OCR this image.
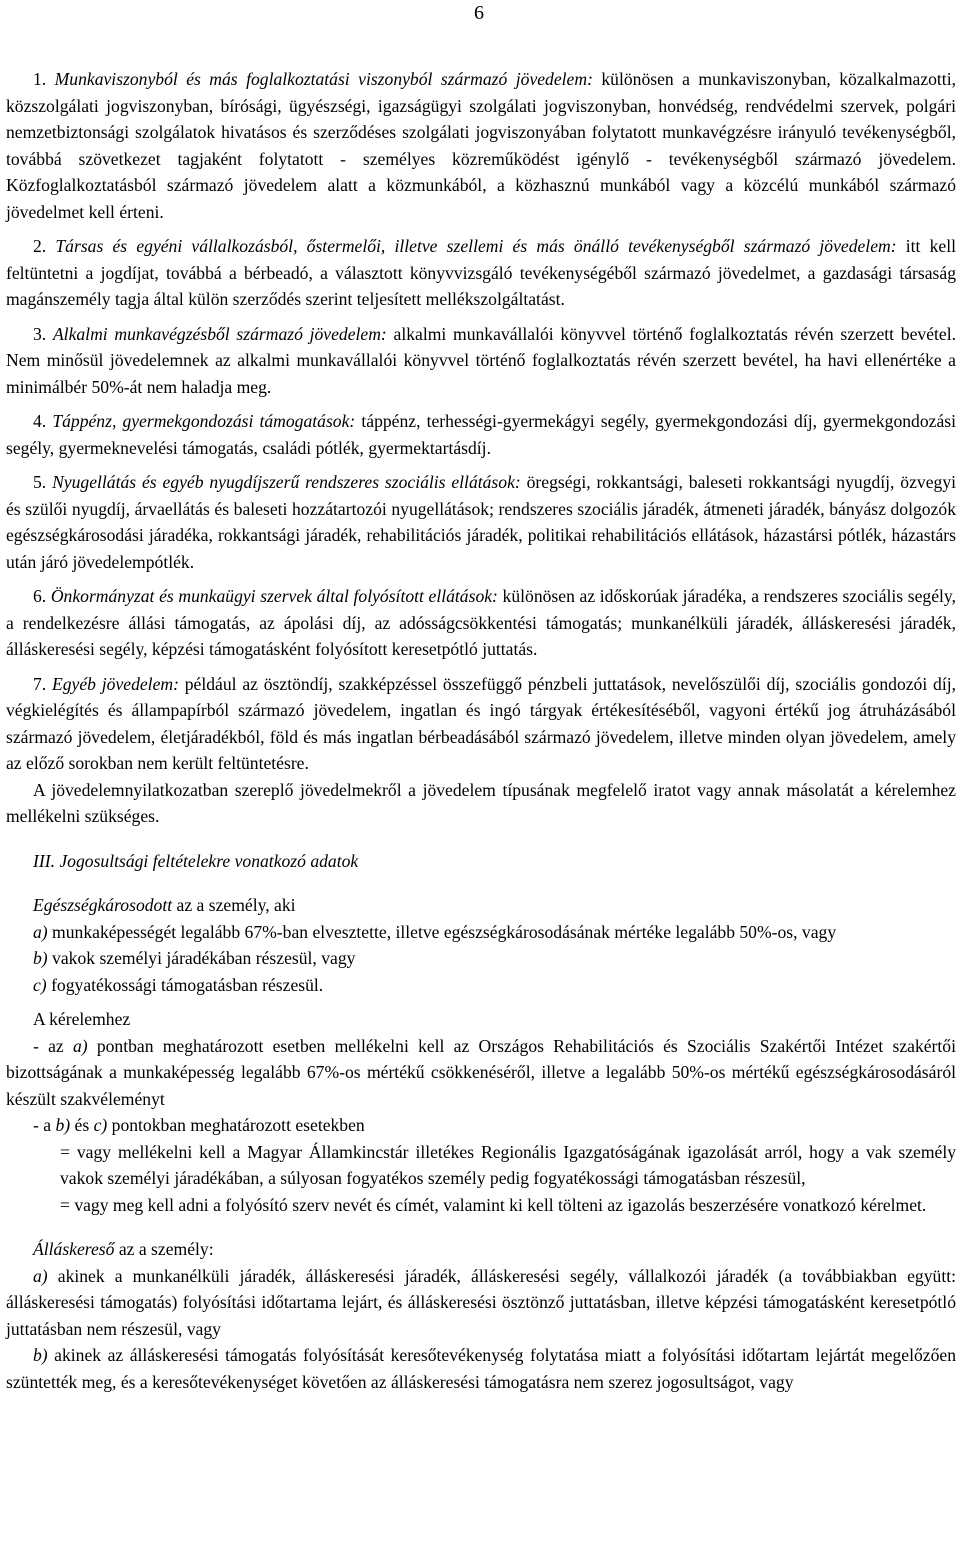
6

1. Munkaviszonyból és más foglalkoztatási viszonyból származó jövedelem: különösen a munkaviszonyban, közalkalmazotti, közszolgálati jogviszonyban, bírósági, ügyészségi, igazságügyi szolgálati jogviszonyban, honvédség, rendvédelmi szervek, polgári nemzetbiztonsági szolgálatok hivatásos és szerződéses szolgálati jogviszonyában folytatott munkavégzésre irányuló tevékenységből, továbbá szövetkezet tagjaként folytatott - személyes közreműködést igénylő - tevékenységből származó jövedelem. Közfoglalkoztatásból származó jövedelem alatt a közmunkából, a közhasznú munkából vagy a közcélú munkából származó jövedelmet kell érteni.

2. Társas és egyéni vállalkozásból, őstermelői, illetve szellemi és más önálló tevékenységből származó jövedelem: itt kell feltüntetni a jogdíjat, továbbá a bérbeadó, a választott könyvvizsgáló tevékenységéből származó jövedelmet, a gazdasági társaság magánszemély tagja által külön szerződés szerint teljesített mellékszolgáltatást.

3. Alkalmi munkavégzésből származó jövedelem: alkalmi munkavállalói könyvvel történő foglalkoztatás révén szerzett bevétel. Nem minősül jövedelemnek az alkalmi munkavállalói könyvvel történő foglalkoztatás révén szerzett bevétel, ha havi ellenértéke a minimálbér 50%-át nem haladja meg.

4. Táppénz, gyermekgondozási támogatások: táppénz, terhességi-gyermekágyi segély, gyermekgondozási díj, gyermekgondozási segély, gyermeknevelési támogatás, családi pótlék, gyermektartásdíj.

5. Nyugellátás és egyéb nyugdíjszerű rendszeres szociális ellátások: öregségi, rokkantsági, baleseti rokkantsági nyugdíj, özvegyi és szülői nyugdíj, árvaellátás és baleseti hozzátartozói nyugellátások; rendszeres szociális járadék, átmeneti járadék, bányász dolgozók egészségkárosodási járadéka, rokkantsági járadék, rehabilitációs járadék, politikai rehabilitációs ellátások, házastársi pótlék, házastárs után járó jövedelempótlék.

6. Önkormányzat és munkaügyi szervek által folyósított ellátások: különösen az időskorúak járadéka, a rendszeres szociális segély, a rendelkezésre állási támogatás, az ápolási díj, az adósságcsökkentési támogatás; munkanélküli járadék, álláskeresési járadék, álláskeresési segély, képzési támogatásként folyósított keresetpótló juttatás.

7. Egyéb jövedelem: például az ösztöndíj, szakképzéssel összefüggő pénzbeli juttatások, nevelőszülői díj, szociális gondozói díj, végkielégítés és állampapírból származó jövedelem, ingatlan és ingó tárgyak értékesítéséből, vagyoni értékű jog átruházásából származó jövedelem, életjáradékból, föld és más ingatlan bérbeadásából származó jövedelem, illetve minden olyan jövedelem, amely az előző sorokban nem került feltüntetésre.

A jövedelemnyilatkozatban szereplő jövedelmekről a jövedelem típusának megfelelő iratot vagy annak másolatát a kérelemhez mellékelni szükséges.

III. Jogosultsági feltételekre vonatkozó adatok

Egészségkárosodott az a személy, aki

a) munkaképességét legalább 67%-ban elvesztette, illetve egészségkárosodásának mértéke legalább 50%-os, vagy

b) vakok személyi járadékában részesül, vagy

c) fogyatékossági támogatásban részesül.

A kérelemhez

- az a) pontban meghatározott esetben mellékelni kell az Országos Rehabilitációs és Szociális Szakértői Intézet szakértői bizottságának a munkaképesség legalább 67%-os mértékű csökkenéséről, illetve a legalább 50%-os mértékű egészségkárosodásáról készült szakvéleményt

- a b) és c) pontokban meghatározott esetekben

= vagy mellékelni kell a Magyar Államkincstár illetékes Regionális Igazgatóságának igazolását arról, hogy a vak személy vakok személyi járadékában, a súlyosan fogyatékos személy pedig fogyatékossági támogatásban részesül,

= vagy meg kell adni a folyósító szerv nevét és címét, valamint ki kell tölteni az igazolás beszerzésére vonatkozó kérelmet.

Álláskereső az a személy:

a) akinek a munkanélküli járadék, álláskeresési járadék, álláskeresési segély, vállalkozói járadék (a továbbiakban együtt: álláskeresési támogatás) folyósítási időtartama lejárt, és álláskeresési ösztönző juttatásban, illetve képzési támogatásként keresetpótló juttatásban nem részesül, vagy

b) akinek az álláskeresési támogatás folyósítását keresőtevékenység folytatása miatt a folyósítási időtartam lejártát megelőzően szüntették meg, és a keresőtevékenységet követően az álláskeresési támogatásra nem szerez jogosultságot, vagy
